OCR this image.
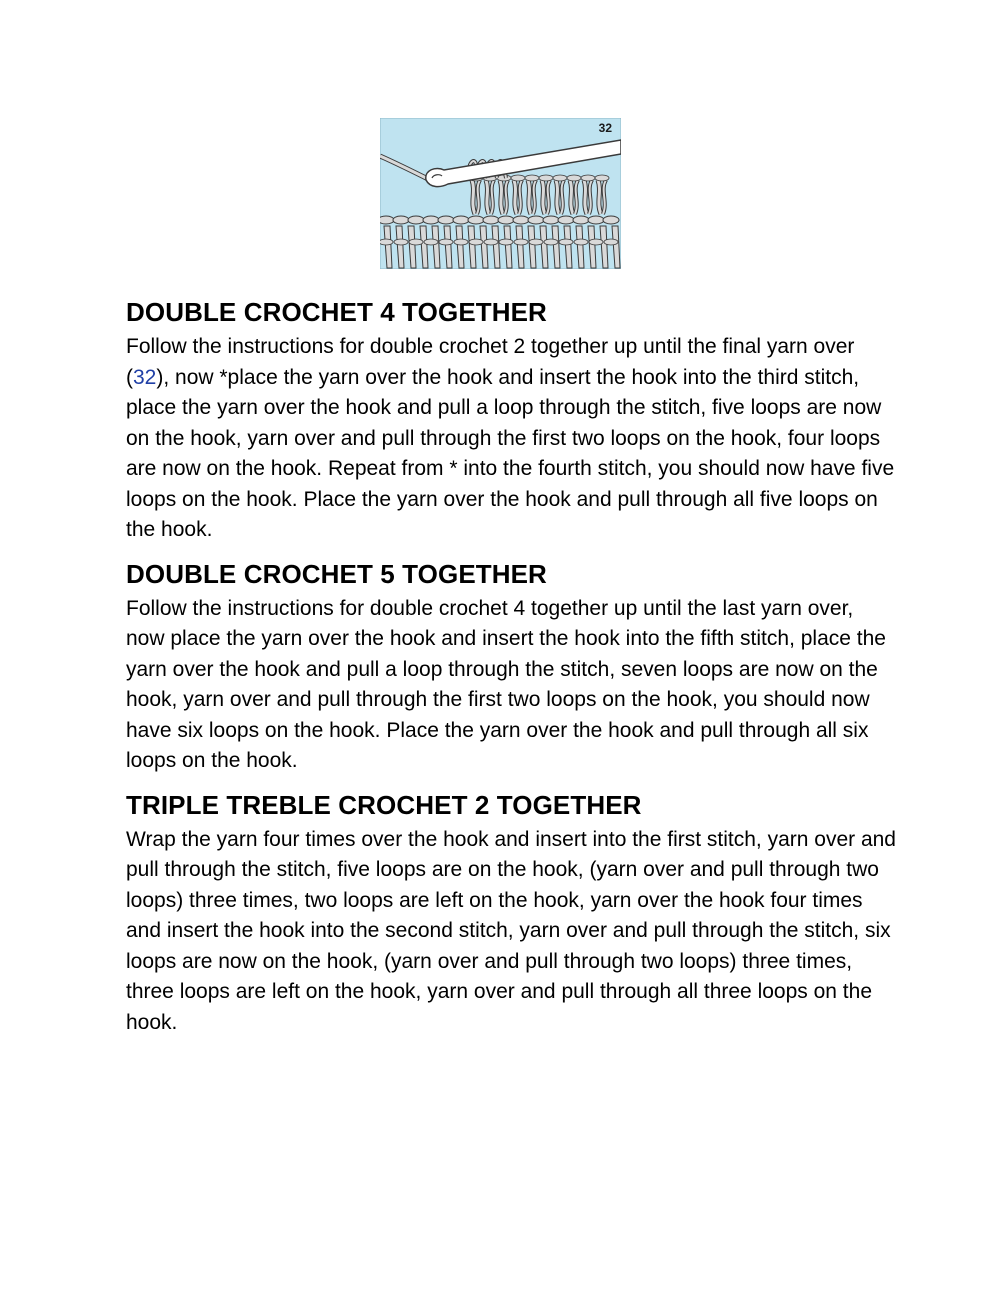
32
DOUBLE CROCHET 4 TOGETHER

Follow the instructions for double crochet 2 together up until the final yarn over (32), now *place the yarn over the hook and insert the hook into the third stitch, place the yarn over the hook and pull a loop through the stitch, five loops are now on the hook, yarn over and pull through the first two loops on the hook, four loops are now on the hook. Repeat from * into the fourth stitch, you should now have five loops on the hook. Place the yarn over the hook and pull through all five loops on the hook.

DOUBLE CROCHET 5 TOGETHER

Follow the instructions for double crochet 4 together up until the last yarn over, now place the yarn over the hook and insert the hook into the fifth stitch, place the yarn over the hook and pull a loop through the stitch, seven loops are now on the hook, yarn over and pull through the first two loops on the hook, you should now have six loops on the hook. Place the yarn over the hook and pull through all six loops on the hook.

TRIPLE TREBLE CROCHET 2 TOGETHER

Wrap the yarn four times over the hook and insert into the first stitch, yarn over and pull through the stitch, five loops are on the hook, (yarn over and pull through two loops) three times, two loops are left on the hook, yarn over the hook four times and insert the hook into the second stitch, yarn over and pull through the stitch, six loops are now on the hook, (yarn over and pull through two loops) three times, three loops are left on the hook, yarn over and pull through all three loops on the hook.
